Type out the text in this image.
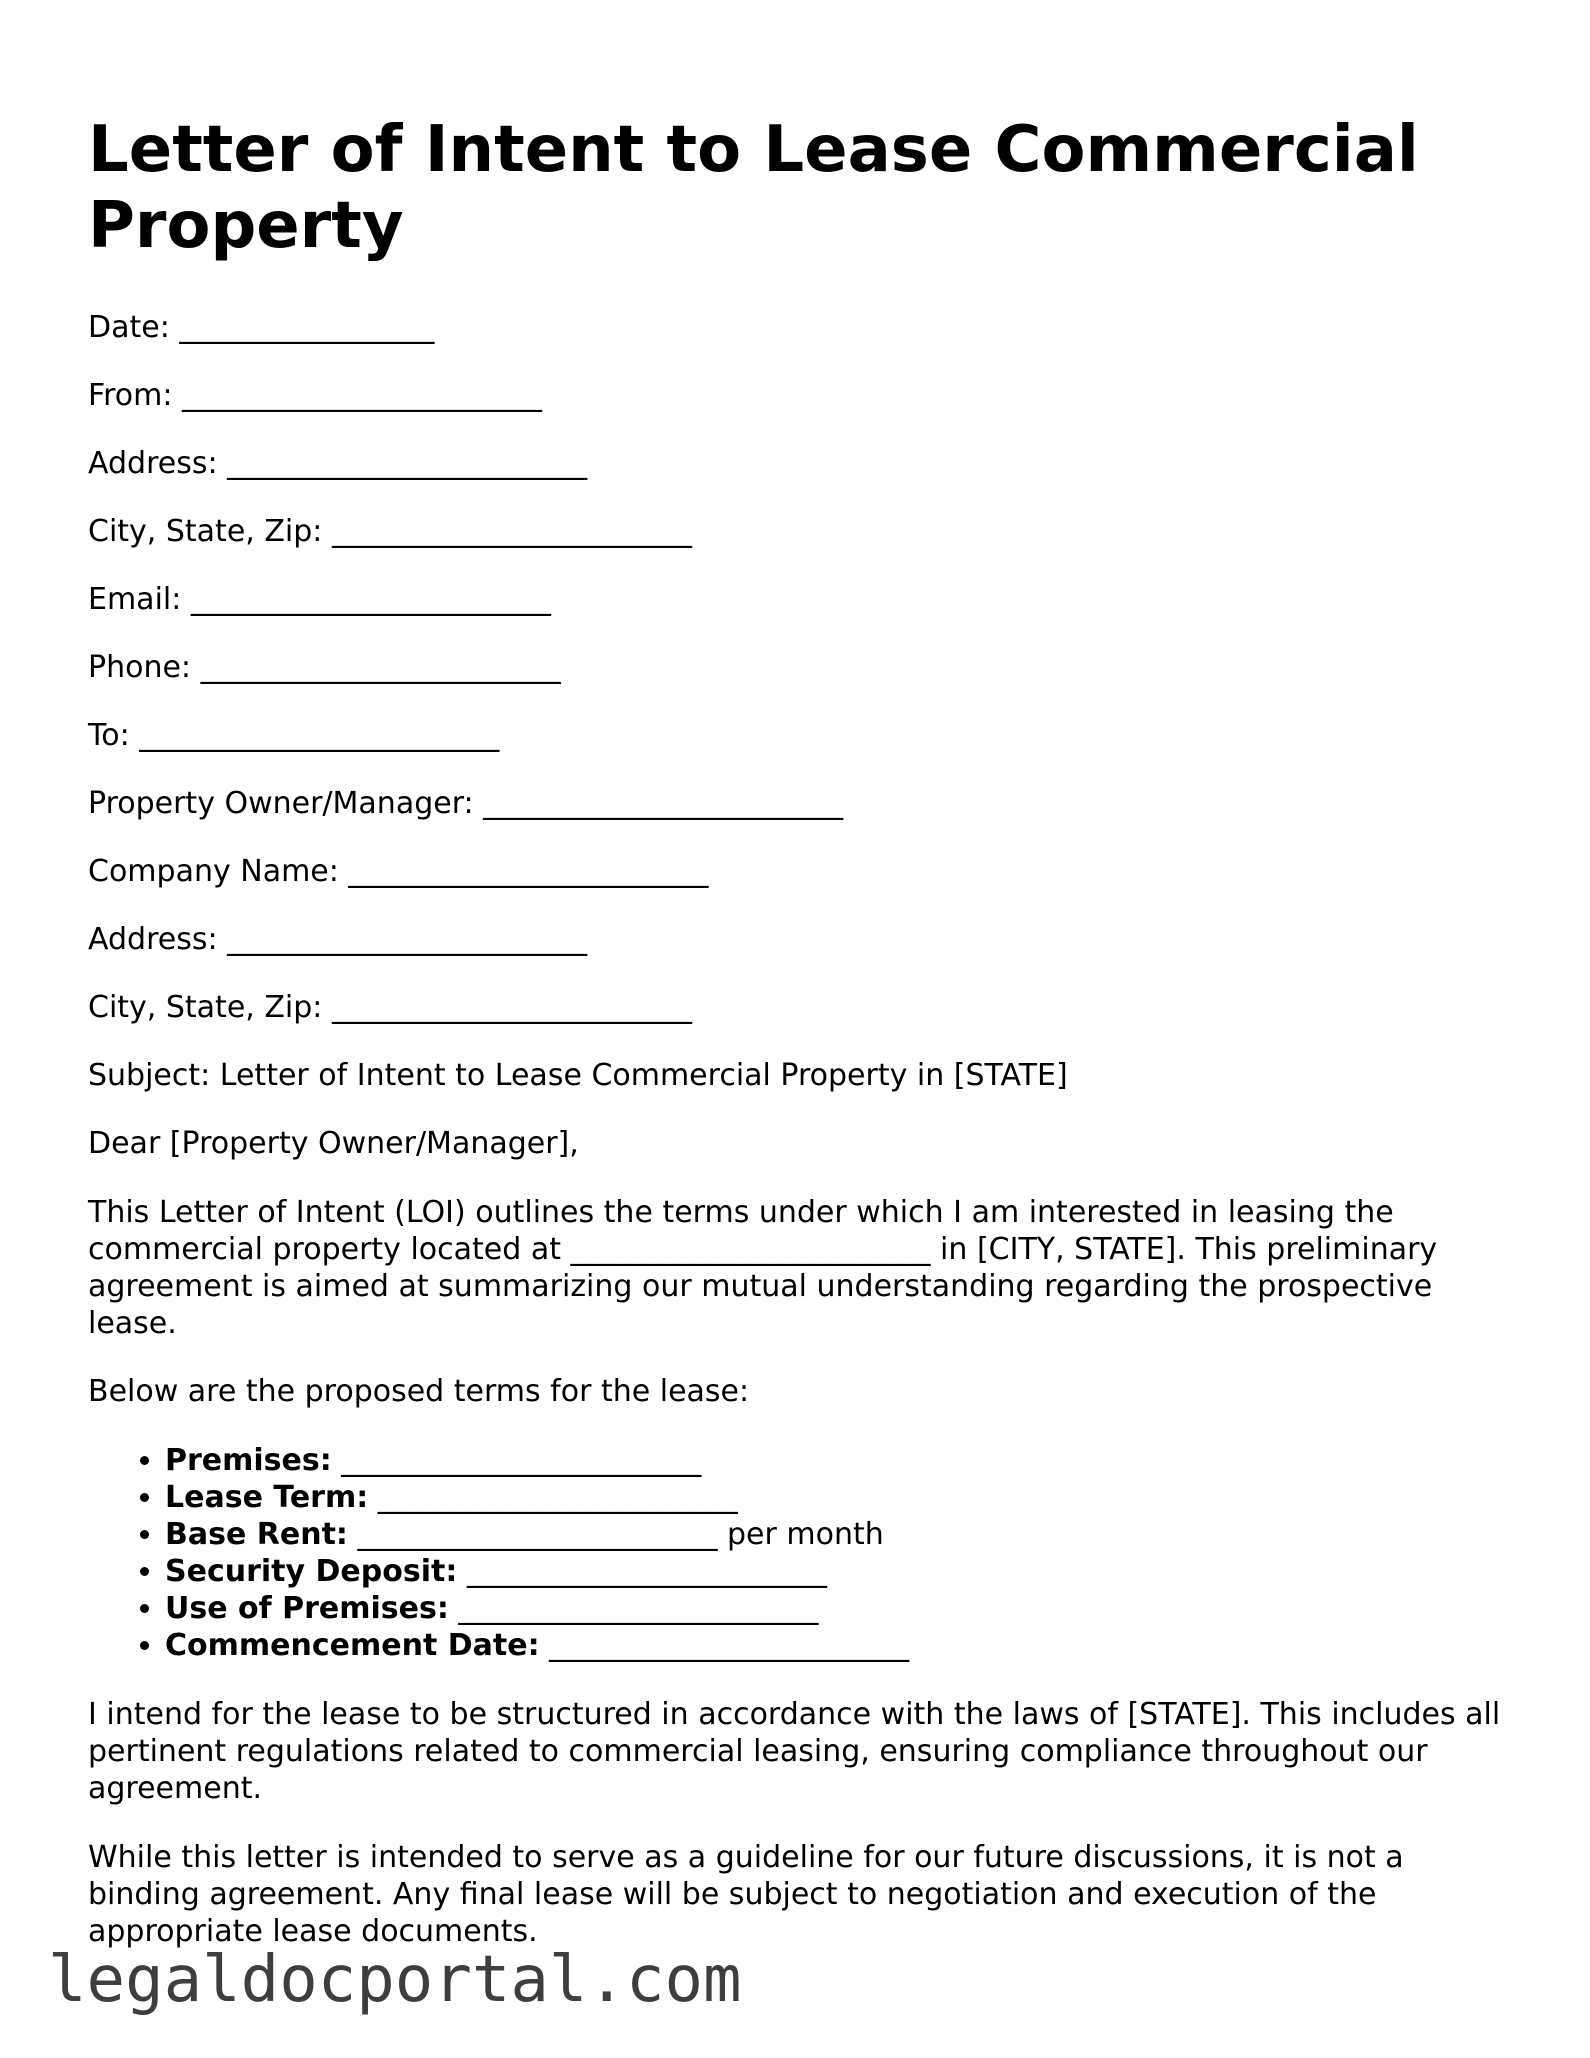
Letter of Intent to Lease Commercial Property
Date: _________________
From: ________________________
Address: ________________________
City, State, Zip: ________________________
Email: ________________________
Phone: ________________________
To: ________________________
Property Owner/Manager: ________________________
Company Name: ________________________
Address: ________________________
City, State, Zip: ________________________

Subject: Letter of Intent to Lease Commercial Property in [STATE]

Dear [Property Owner/Manager],

This Letter of Intent (LOI) outlines the terms under which I am interested in leasing the commercial property located at ________________________ in [CITY, STATE]. This preliminary agreement is aimed at summarizing our mutual understanding regarding the prospective lease.

Below are the proposed terms for the lease:

• Premises: ________________________
• Lease Term: ________________________
• Base Rent: ________________________ per month
• Security Deposit: ________________________
• Use of Premises: ________________________
• Commencement Date: ________________________

I intend for the lease to be structured in accordance with the laws of [STATE]. This includes all pertinent regulations related to commercial leasing, ensuring compliance throughout our agreement.

While this letter is intended to serve as a guideline for our future discussions, it is not a binding agreement. Any final lease will be subject to negotiation and execution of the appropriate lease documents.

legaldocportal.com
